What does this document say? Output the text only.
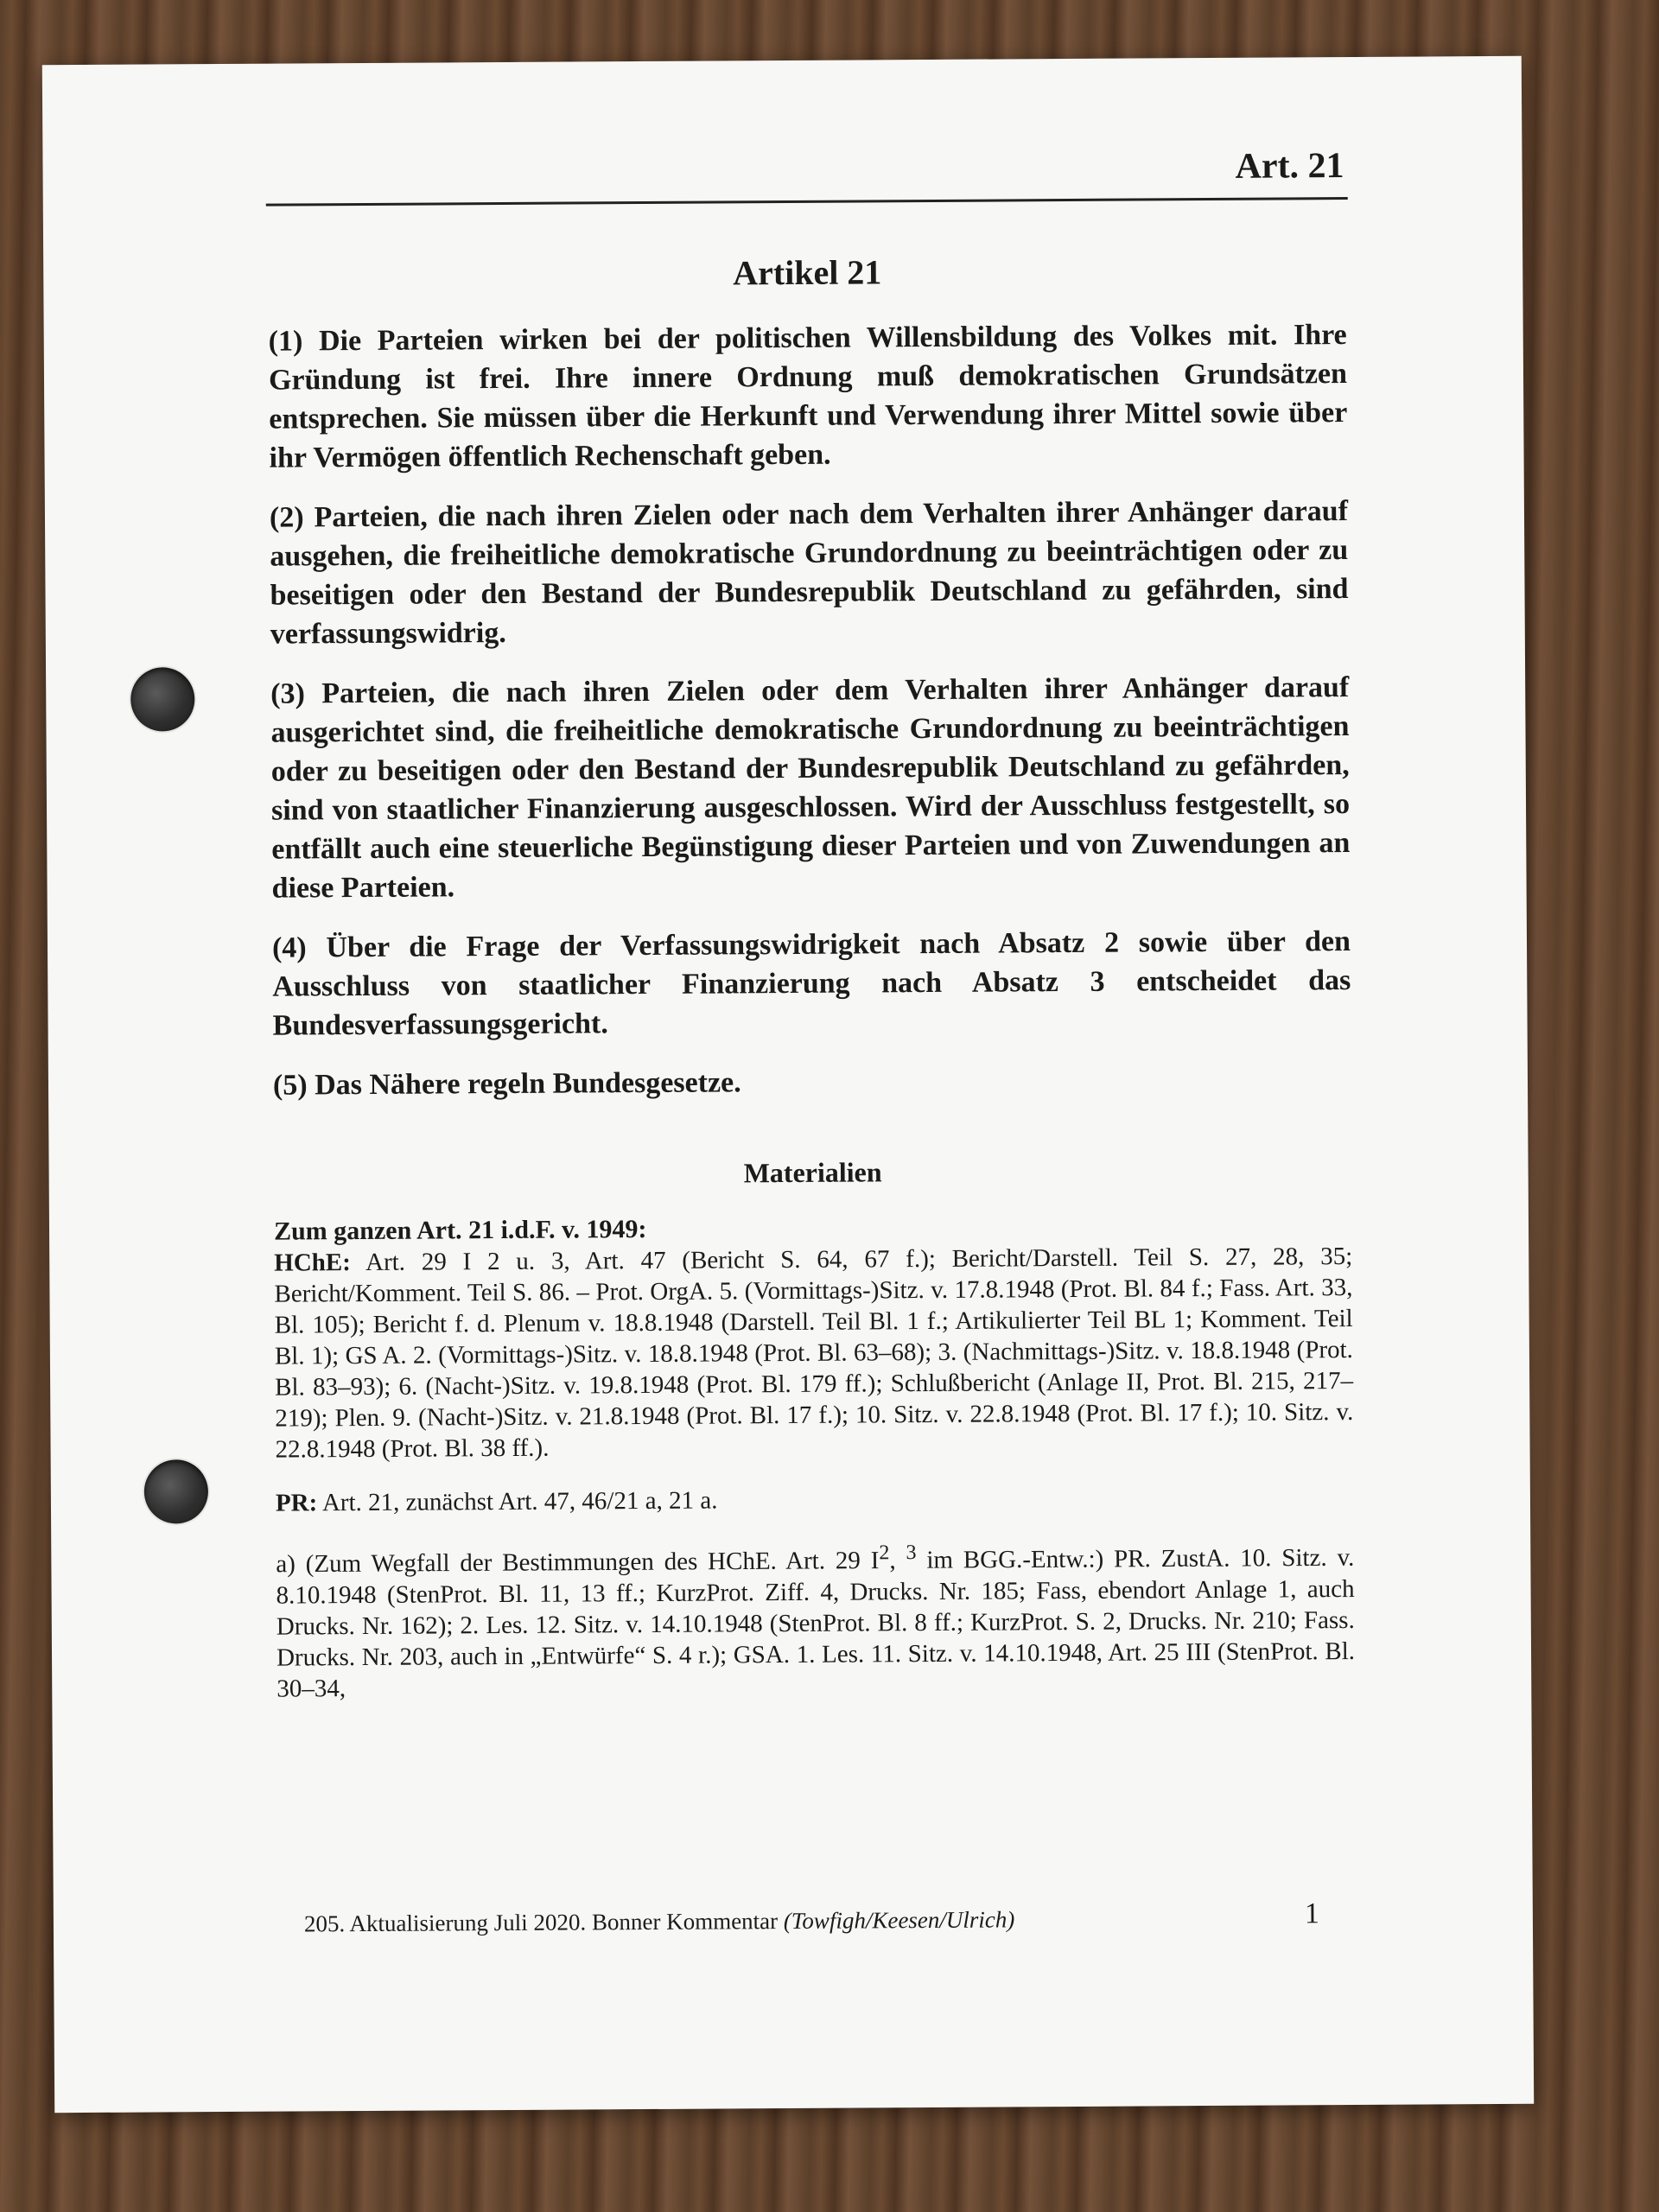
Art. 21
Artikel 21

(1) Die Parteien wirken bei der politischen Willensbildung des Volkes mit. Ihre Gründung ist frei. Ihre innere Ordnung muß demokratischen Grundsätzen entsprechen. Sie müssen über die Herkunft und Verwendung ihrer Mittel sowie über ihr Vermögen öffentlich Rechenschaft geben.

(2) Parteien, die nach ihren Zielen oder nach dem Verhalten ihrer Anhänger darauf ausgehen, die freiheitliche demokratische Grundordnung zu beeinträchtigen oder zu beseitigen oder den Bestand der Bundesrepublik Deutschland zu gefährden, sind verfassungswidrig.

(3) Parteien, die nach ihren Zielen oder dem Verhalten ihrer Anhänger darauf ausgerichtet sind, die freiheitliche demokratische Grundordnung zu beeinträchtigen oder zu beseitigen oder den Bestand der Bundesrepublik Deutschland zu gefährden, sind von staatlicher Finanzierung ausgeschlossen. Wird der Ausschluss festgestellt, so entfällt auch eine steuerliche Begünstigung dieser Parteien und von Zuwendungen an diese Parteien.

(4) Über die Frage der Verfassungswidrigkeit nach Absatz 2 sowie über den Ausschluss von staatlicher Finanzierung nach Absatz 3 entscheidet das Bundesverfassungsgericht.

(5) Das Nähere regeln Bundesgesetze.

Materialien
Zum ganzen Art. 21 i.d.F. v. 1949:

HChE: Art. 29 I 2 u. 3, Art. 47 (Bericht S. 64, 67 f.); Bericht/Darstell. Teil S. 27, 28, 35; Bericht/Komment. Teil S. 86. – Prot. OrgA. 5. (Vormittags-)Sitz. v. 17.8.1948 (Prot. Bl. 84 f.; Fass. Art. 33, Bl. 105); Bericht f. d. Plenum v. 18.8.1948 (Darstell. Teil Bl. 1 f.; Artikulierter Teil BL 1; Komment. Teil Bl. 1); GS A. 2. (Vormittags-)Sitz. v. 18.8.1948 (Prot. Bl. 63–68); 3. (Nachmittags-)Sitz. v. 18.8.1948 (Prot. Bl. 83–93); 6. (Nacht-)Sitz. v. 19.8.1948 (Prot. Bl. 179 ff.); Schlußbericht (Anlage II, Prot. Bl. 215, 217–219); Plen. 9. (Nacht-)Sitz. v. 21.8.1948 (Prot. Bl. 17 f.); 10. Sitz. v. 22.8.1948 (Prot. Bl. 17 f.); 10. Sitz. v. 22.8.1948 (Prot. Bl. 38 ff.).

PR: Art. 21, zunächst Art. 47, 46/21 a, 21 a.

a) (Zum Wegfall der Bestimmungen des HChE. Art. 29 $I^2$, $^3$ im BGG.-Entw.:) PR. ZustA. 10. Sitz. v. 8.10.1948 (StenProt. Bl. 11, 13 ff.; KurzProt. Ziff. 4, Drucks. Nr. 185; Fass, ebendort Anlage 1, auch Drucks. Nr. 162); 2. Les. 12. Sitz. v. 14.10.1948 (StenProt. Bl. 8 ff.; KurzProt. S. 2, Drucks. Nr. 210; Fass. Drucks. Nr. 203, auch in „Entwürfe“ S. 4 r.); GSA. 1. Les. 11. Sitz. v. 14.10.1948, Art. 25 III (StenProt. Bl. 30–34,

205. Aktualisierung Juli 2020. Bonner Kommentar (Towfigh/Keesen/Ulrich)	1
